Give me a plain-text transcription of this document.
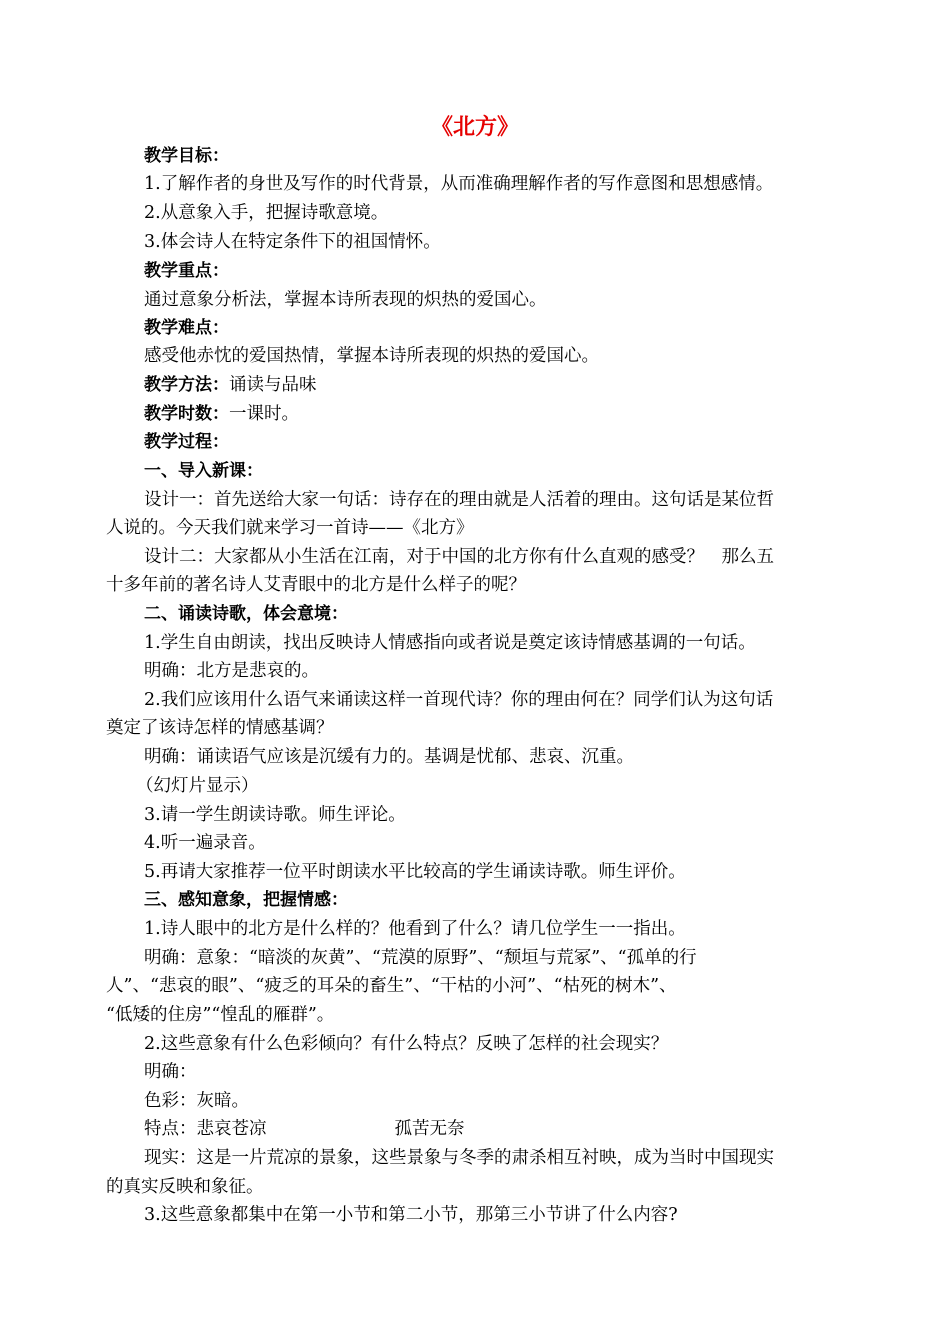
《北方》
教学目标：
1.了解作者的身世及写作的时代背景，从而准确理解作者的写作意图和思想感情。
2.从意象入手，把握诗歌意境。
3.体会诗人在特定条件下的祖国情怀。
教学重点：
通过意象分析法，掌握本诗所表现的炽热的爱国心。
教学难点：
感受他赤忱的爱国热情，掌握本诗所表现的炽热的爱国心。
教学方法：诵读与品味
教学时数：一课时。
教学过程：
一、导入新课：
设计一：首先送给大家一句话：诗存在的理由就是人活着的理由。这句话是某位哲
人说的。今天我们就来学习一首诗——《北方》
设计二：大家都从小生活在江南，对于中国的北方你有什么直观的感受？　那么五
十多年前的著名诗人艾青眼中的北方是什么样子的呢？
二、诵读诗歌，体会意境：
1.学生自由朗读，找出反映诗人情感指向或者说是奠定该诗情感基调的一句话。
明确：北方是悲哀的。
2.我们应该用什么语气来诵读这样一首现代诗？你的理由何在？同学们认为这句话
奠定了该诗怎样的情感基调？
明确：诵读语气应该是沉缓有力的。基调是忧郁、悲哀、沉重。
（幻灯片显示）
3.请一学生朗读诗歌。师生评论。
4.听一遍录音。
5.再请大家推荐一位平时朗读水平比较高的学生诵读诗歌。师生评价。
三、感知意象，把握情感：
1.诗人眼中的北方是什么样的？他看到了什么？请几位学生一一指出。
明确：意象：“暗淡的灰黄”、“荒漠的原野”、“颓垣与荒冢”、“孤单的行
人”、“悲哀的眼”、“疲乏的耳朵的畜生”、“干枯的小河”、“枯死的树木”、
“低矮的住房”“惶乱的雁群”。
2.这些意象有什么色彩倾向？有什么特点？反映了怎样的社会现实？
明确：
色彩：灰暗。
特点：悲哀苍凉	孤苦无奈
现实：这是一片荒凉的景象，这些景象与冬季的肃杀相互衬映，成为当时中国现实
的真实反映和象征。
3.这些意象都集中在第一小节和第二小节，那第三小节讲了什么内容?
